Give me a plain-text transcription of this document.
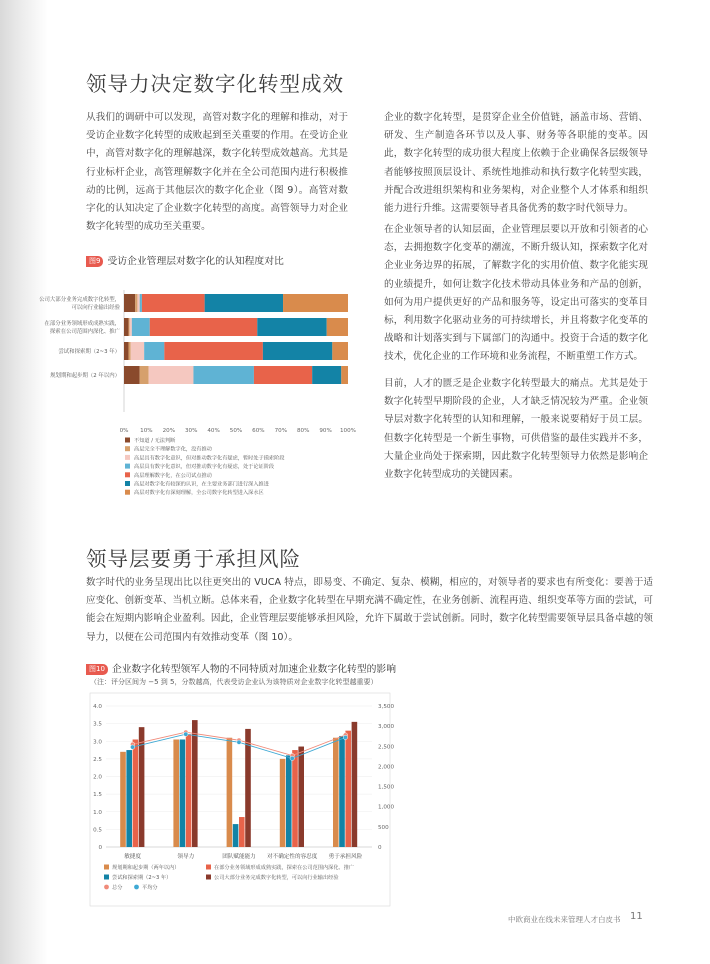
领导力决定数字化转型成效

从我们的调研中可以发现，高管对数字化的理解和推动，对于受访企业数字化转型的成败起到至关重要的作用。在受访企业中，高管对数字化的理解越深，数字化转型成效越高。尤其是行业标杆企业，高管理解数字化并在全公司范围内进行积极推动的比例，远高于其他层次的数字化企业（图 9）。高管对数字化的认知决定了企业数字化转型的高度。高管领导力对企业数字化转型的成功至关重要。

企业的数字化转型，是贯穿企业全价值链，涵盖市场、营销、研发、生产制造各环节以及人事、财务等各职能的变革。因此，数字化转型的成功很大程度上依赖于企业确保各层级领导者能够按照顶层设计、系统性地推动和执行数字化转型实践，并配合改进组织架构和业务架构，对企业整个人才体系和组织能力进行升维。这需要领导者具备优秀的数字时代领导力。

在企业领导者的认知层面，企业管理层要以开放和引领者的心态，去拥抱数字化变革的潮流，不断升级认知，探索数字化对企业业务边界的拓展，了解数字化的实用价值、数字化能实现的业绩提升，如何让数字化技术带动具体业务和产品的创新，如何为用户提供更好的产品和服务等，设定出可落实的变革目标，利用数字化驱动业务的可持续增长，并且将数字化变革的战略和计划落实到与下属部门的沟通中。投资于合适的数字化技术，优化企业的工作环境和业务流程，不断重塑工作方式。

目前，人才的匮乏是企业数字化转型最大的痛点。尤其是处于数字化转型早期阶段的企业，人才缺乏情况较为严重。企业领导层对数字化转型的认知和理解，一般来说要稍好于员工层。但数字化转型是一个新生事物，可供借鉴的最佳实践并不多，大量企业尚处于探索期，因此数字化转型领导力依然是影响企业数字化转型成功的关键因素。

图9 受访企业管理层对数字化的认知程度对比
公司大部分业务完成数字化转型，
可以向行业输出经验
在部分业务领域形成成熟实践，
探索在公司范围内深化、推广
尝试和探索期（2~3 年）
规划期和起步期（2 年以内）
0% 10% 20% 30% 40% 50% 60% 70% 80% 90% 100%
不知道 / 无法判断
高层完全不理解数字化，没有推动
高层具有数字化意识，但对推动数字化有疑虑，暂时处于摸索阶段
高层具有数字化意识，但对推动数字化有疑虑，处于论证阶段
高层理解数字化，在公司试点推动
高层对数字化有较深的认识，在主要业务部门进行深入推进
高层对数字化有深刻理解，全公司数字化转型进入深水区
领导层要勇于承担风险

数字时代的业务呈现出比以往更突出的 VUCA 特点，即易变、不确定、复杂、模糊，相应的，对领导者的要求也有所变化：要善于适应变化、创新变革、当机立断。总体来看，企业数字化转型在早期充满不确定性，在业务创新、流程再造、组织变革等方面的尝试，可能会在短期内影响企业盈利。因此，企业管理层要能够承担风险，允许下属敢于尝试创新。同时，数字化转型需要领导层具备卓越的领导力，以便在公司范围内有效推动变革（图 10）。

图10 企业数字化转型领军人物的不同特质对加速企业数字化转型的影响
（注：评分区间为 −5 到 5，分数越高，代表受访企业认为该特质对企业数字化转型越重要）
0
0.5
1.0
1.5
2.0
2.5
3.0
3.5
4.0
0
500
1,000
1,500
2,000
2,500
3,000
3,500
敏捷度	领导力	团队赋能能力 对不确定性的容忍度 勇于承担风险
规划期和起步期（两年以内）
尝试和探索期（2~3 年）
在部分业务领域形成成熟实践，探索在公司范围内深化、推广
公司大部分业务完成数字化转型，可以向行业输出经验
总分	平均分
中欧商业在线未来管理人才白皮书 11
